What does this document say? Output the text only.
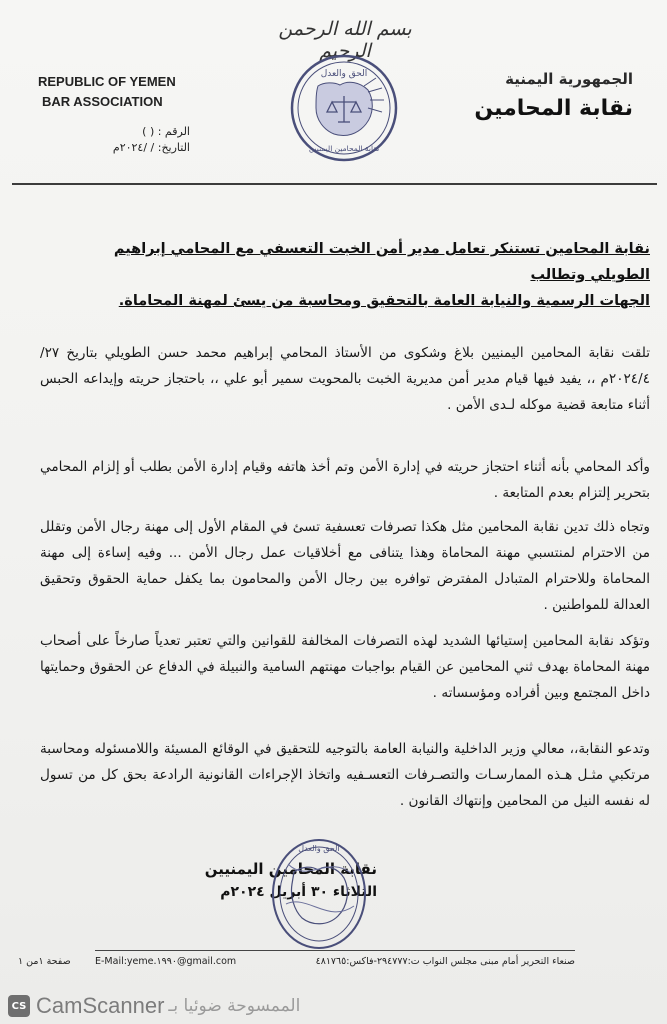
بسم الله الرحمن الرحيم
REPUBLIC OF YEMEN
BAR ASSOCIATION
الرقم : ( )
التاريخ: / /٢٠٢٤م
الجمهورية اليمنية
نقابة المحامين
الحق والعدل
نقابة المحامين اليمنيين
نقابة المحامين تستنكر تعامل مدير أمن الخبت التعسفي مع المحامي إبراهيم الطويلي وتطالب
الجهات الرسمية والنيابة العامة بالتحقيق ومحاسبة من يسئ لمهنة المحاماة.
تلقت نقابة المحامين اليمنيين بلاغ وشكوى من الأستاذ المحامي إبراهيم محمد حسن الطويلي بتاريخ ٢٧/ ٢٠٢٤/٤م ،، يفيد فيها قيام مدير أمن مديرية الخبت بالمحويت سمير أبو علي ،، باحتجاز حريته وإيداعه الحبس أثناء متابعة قضية موكله لـدى الأمن .
وأكد المحامي بأنه أثناء احتجاز حريته في إدارة الأمن وتم أخذ هاتفه وقيام إدارة الأمن بطلب أو إلزام المحامي بتحرير إلتزام بعدم المتابعة .
وتجاه ذلك تدين نقابة المحامين مثل هكذا تصرفات تعسفية تسئ في المقام الأول إلى مهنة رجال الأمن وتقلل من الاحترام لمنتسبي مهنة المحاماة وهذا يتنافى مع أخلاقيات عمل رجال الأمن ... وفيه إساءة إلى مهنة المحاماة وللاحترام المتبادل المفترض توافره بين رجال الأمن والمحامون بما يكفل حماية الحقوق وتحقيق العدالة للمواطنين .
وتؤكد نقابة المحامين إستيائها الشديد لهذه التصرفات المخالفة للقوانين والتي تعتبر تعدياً صارخاً على أصحاب مهنة المحاماة بهدف ثني المحامين عن القيام بواجبات مهنتهم السامية والنبيلة في الدفاع عن الحقوق وحمايتها داخل المجتمع وبين أفراده ومؤسساته .
وتدعو النقابة،، معالي وزير الداخلية والنيابة العامة بالتوجيه للتحقيق في الوقائع المسيئة واللامسئوله ومحاسبة مرتكبي مثـل هـذه الممارسـات والتصـرفات التعسـفيه واتخاذ الإجراءات القانونية الرادعة بحق كل من تسول له نفسه النيل من المحامين وإنتهاك القانون .
نقابة المحامين اليمنيين
الثلاثاء ٣٠ أبريل ٢٠٢٤م
الحق والعدل
E-Mail:yeme.١٩٩٠@gmail.com	صنعاء التحرير أمام مبنى مجلس النواب ت:٢٩٤٧٧٧-فاكس:٤٨١٧٦٥
صفحة ١من ١
CS CamScanner الممسوحة ضوئيا بـ
